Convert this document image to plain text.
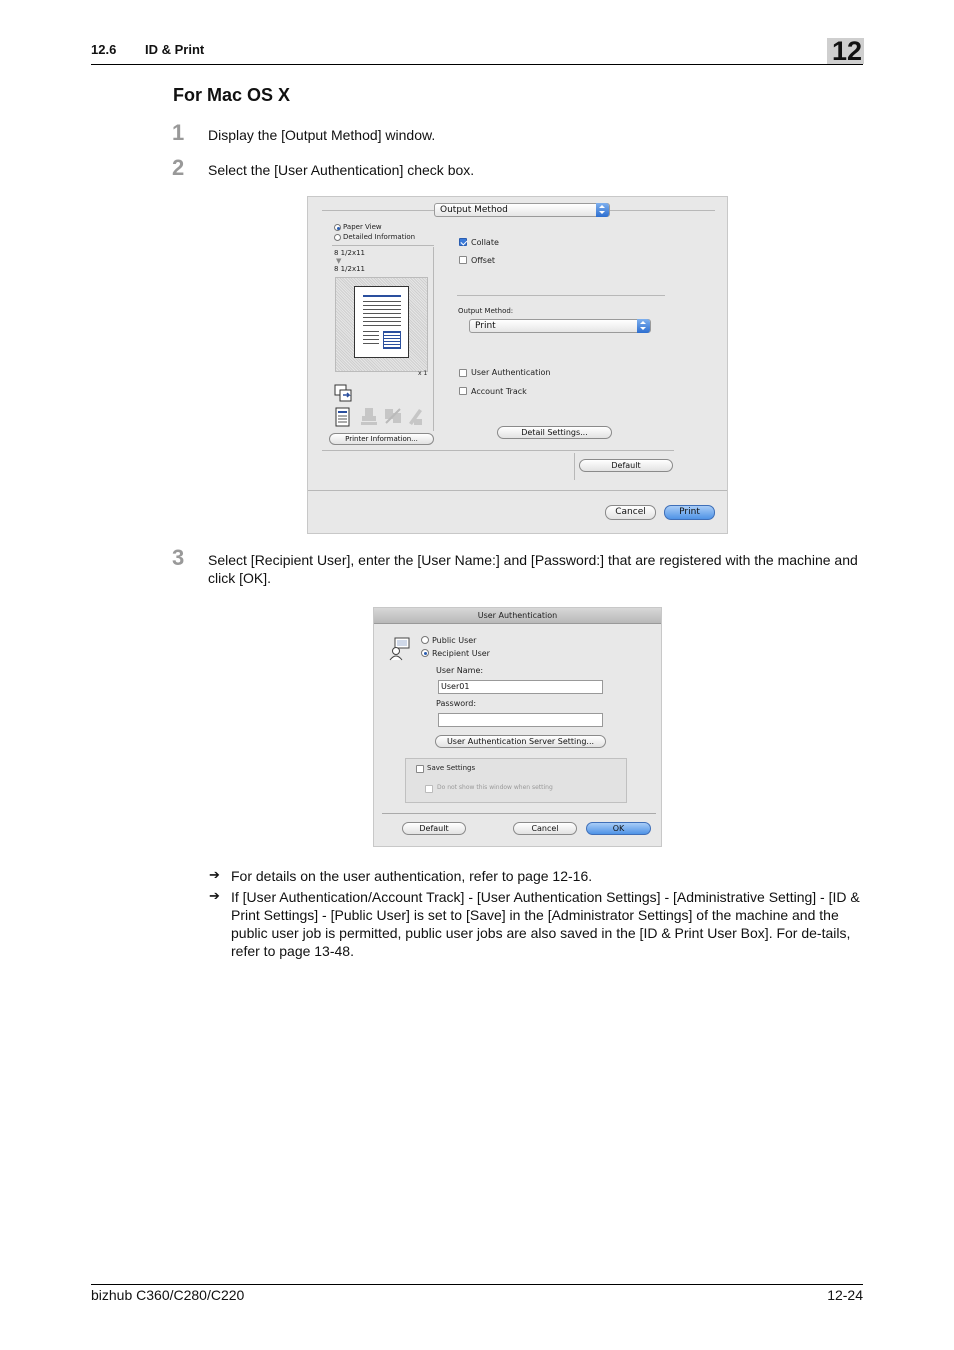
12.6 ID & Print	12
For Mac OS X
1 Display the [Output Method] window.
2 Select the [User Authentication] check box.
Output Method
Paper View
Detailed Information
8 1/2x11
▼
8 1/2x11
x 1
Printer Information...
Collate
Offset
Output Method:
Print
User Authentication
Account Track
Detail Settings...
Default
Cancel	Print
3 Select [Recipient User], enter the [User Name:] and [Password:] that are registered with the machine and click [OK].
User Authentication
Public User
Recipient User
User Name:
User01
Password:
User Authentication Server Setting...
Save Settings
Do not show this window when setting
Default	Cancel	OK
➔ For details on the user authentication, refer to page 12-16.
➔ If [User Authentication/Account Track] - [User Authentication Settings] - [Administrative Setting] - [ID & Print Settings] - [Public User] is set to [Save] in the [Administrator Settings] of the machine and the public user job is permitted, public user jobs are also saved in the [ID & Print User Box]. For de-tails, refer to page 13-48.
bizhub C360/C280/C220	12-24
